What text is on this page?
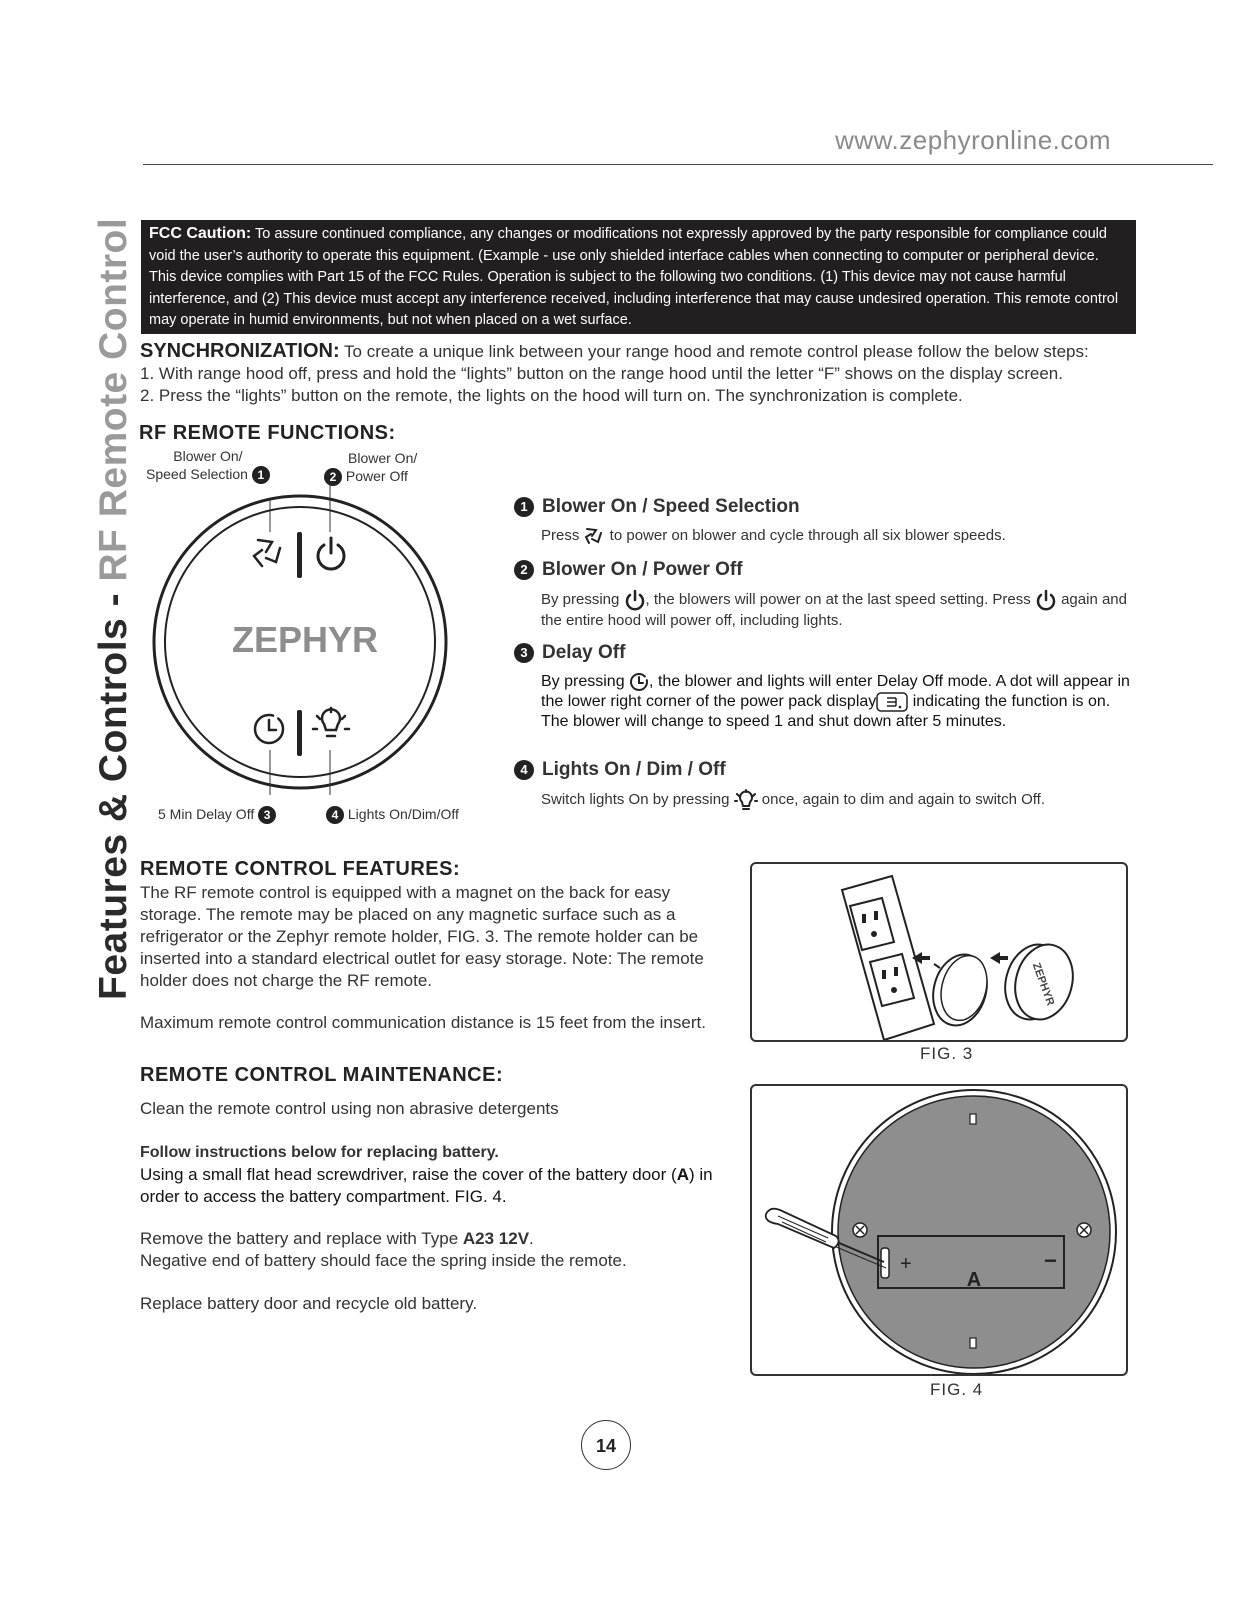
www.zephyronline.com
Features & Controls - RF Remote Control FCC Caution: To assure continued compliance, any changes or modifications not expressly approved by the party responsible for compliance could void the user’s authority to operate this equipment. (Example - use only shielded interface cables when connecting to computer or peripheral device. This device complies with Part 15 of the FCC Rules. Operation is subject to the following two conditions. (1) This device may not cause harmful interference, and (2) This device must accept any interference received, including interference that may cause undesired operation. This remote control may operate in humid environments, but not when placed on a wet surface.
SYNCHRONIZATION: To create a unique link between your range hood and remote control please follow the below steps:
1. With range hood off, press and hold the “lights” button on the range hood until the letter “F” shows on the display screen.
2. Press the “lights” button on the remote, the lights on the hood will turn on. The synchronization is complete.
RF REMOTE FUNCTIONS:
ZEPHYR
Blower On/
Speed Selection 1
Blower On/
2 Power Off
5 Min Delay Off 3	4 Lights On/Dim/Off
1 Blower On / Speed Selection
Press  to power on blower and cycle through all six blower speeds.
2 Blower On / Power Off
By pressing , the blowers will power on at the last speed setting. Press  again and the entire hood will power off, including lights.
3 Delay Off
By pressing , the blower and lights will enter Delay Off mode. A dot will appear in the lower right corner of the power pack display indicating the function is on. The blower will change to speed 1 and shut down after 5 minutes.
4 Lights On / Dim / Off
Switch lights On by pressing  once, again to dim and again to switch Off.
REMOTE CONTROL FEATURES:
The RF remote control is equipped with a magnet on the back for easy storage. The remote may be placed on any magnetic surface such as a refrigerator or the Zephyr remote holder, FIG. 3. The remote holder can be inserted into a standard electrical outlet for easy storage. Note: The remote holder does not charge the RF remote.
Maximum remote control communication distance is 15 feet from the insert.
REMOTE CONTROL MAINTENANCE:
Clean the remote control using non abrasive detergents
Follow instructions below for replacing battery.
Using a small flat head screwdriver, raise the cover of the battery door (A) in order to access the battery compartment. FIG. 4.
Remove the battery and replace with Type A23 12V.
Negative end of battery should face the spring inside the remote.
Replace battery door and recycle old battery.
ZEPHYR
FIG. 3
+	−
A
FIG. 4
14
